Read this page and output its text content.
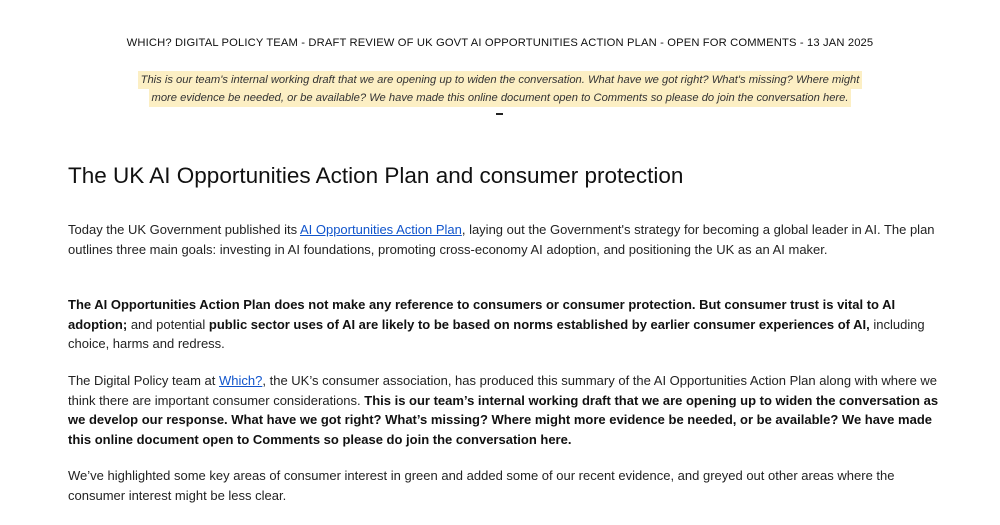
WHICH? DIGITAL POLICY TEAM - DRAFT REVIEW OF UK GOVT AI OPPORTUNITIES ACTION PLAN - OPEN FOR COMMENTS - 13 JAN 2025
This is our team's internal working draft that we are opening up to widen the conversation. What have we got right? What's missing? Where might
more evidence be needed, or be available? We have made this online document open to Comments so please do join the conversation here.
The UK AI Opportunities Action Plan and consumer protection

Today the UK Government published its AI Opportunities Action Plan, laying out the Government's strategy for becoming a global leader in AI. The plan outlines three main goals: investing in AI foundations, promoting cross-economy AI adoption, and positioning the UK as an AI maker.

The AI Opportunities Action Plan does not make any reference to consumers or consumer protection. But consumer trust is vital to AI adoption; and potential public sector uses of AI are likely to be based on norms established by earlier consumer experiences of AI, including choice, harms and redress.

The Digital Policy team at Which?, the UK’s consumer association, has produced this summary of the AI Opportunities Action Plan along with where we think there are important consumer considerations. This is our team’s internal working draft that we are opening up to widen the conversation as we develop our response. What have we got right? What’s missing? Where might more evidence be needed, or be available? We have made this online document open to Comments so please do join the conversation here.

We’ve highlighted some key areas of consumer interest in green and added some of our recent evidence, and greyed out other areas where the consumer interest might be less clear.
